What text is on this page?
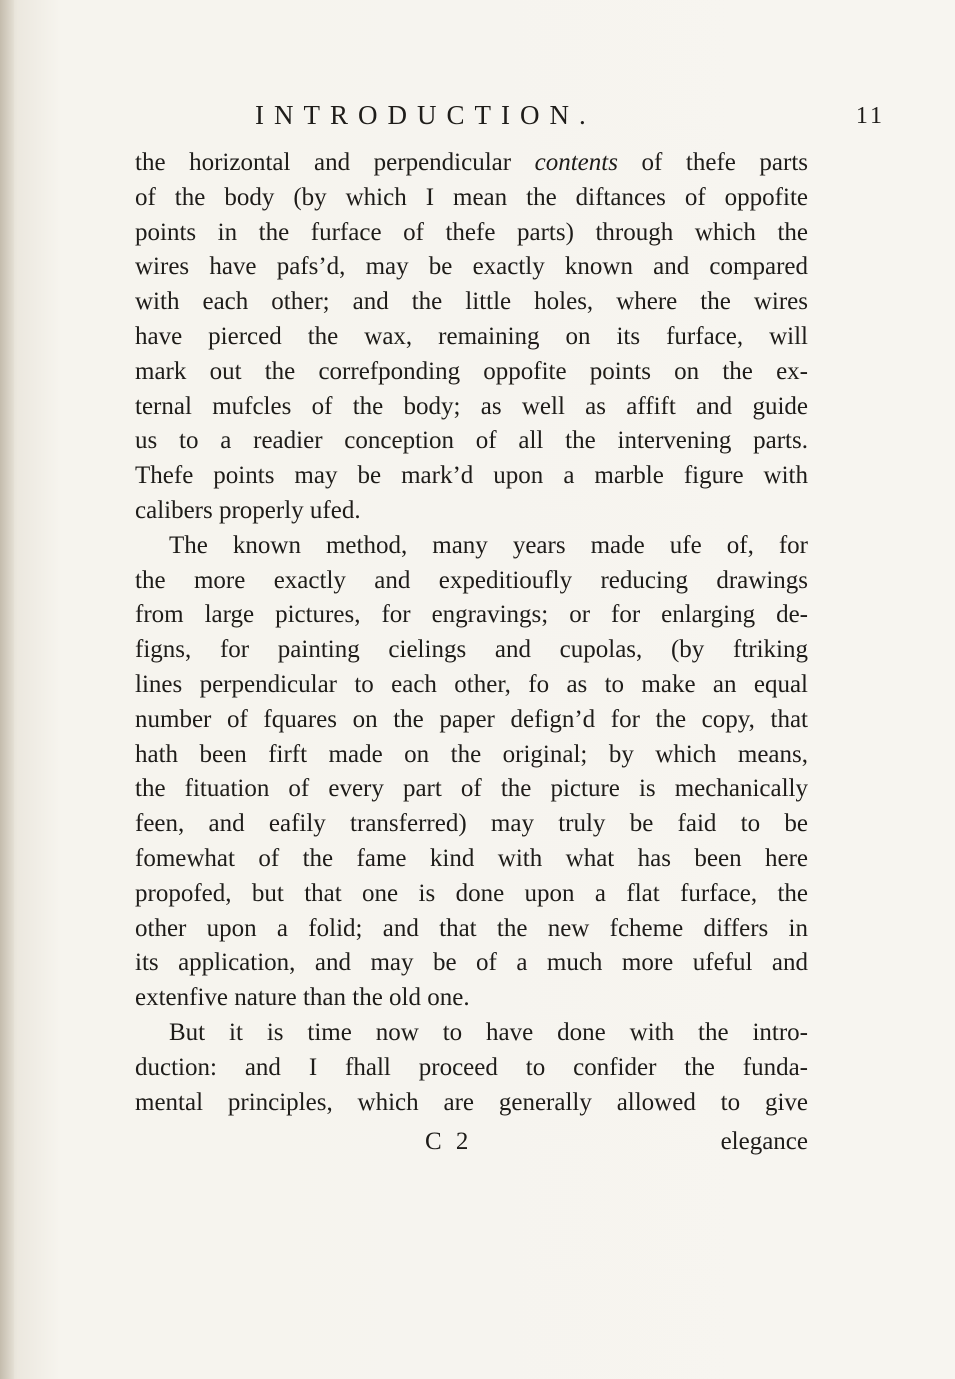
INTRODUCTION.	11
the horizontal and perpendicular contents of thefe parts
of the body (by which I mean the diftances of oppofite
points in the furface of thefe parts) through which the
wires have pafs’d, may be exactly known and compared
with each other; and the little holes, where the wires
have pierced the wax, remaining on its furface, will
mark out the correfponding oppofite points on the ex-
ternal mufcles of the body; as well as affift and guide
us to a readier conception of all the intervening parts.
Thefe points may be mark’d upon a marble figure with
calibers properly ufed.
The known method, many years made ufe of, for
the more exactly and expeditioufly reducing drawings
from large pictures, for engravings; or for enlarging de-
figns, for painting cielings and cupolas, (by ftriking
lines perpendicular to each other, fo as to make an equal
number of fquares on the paper defign’d for the copy, that
hath been firft made on the original; by which means,
the fituation of every part of the picture is mechanically
feen, and eafily transferred) may truly be faid to be
fomewhat of the fame kind with what has been here
propofed, but that one is done upon a flat furface, the
other upon a folid; and that the new fcheme differs in
its application, and may be of a much more ufeful and
extenfive nature than the old one.
But it is time now to have done with the intro-
duction: and I fhall proceed to confider the funda-
mental principles, which are generally allowed to give
C 2	elegance
